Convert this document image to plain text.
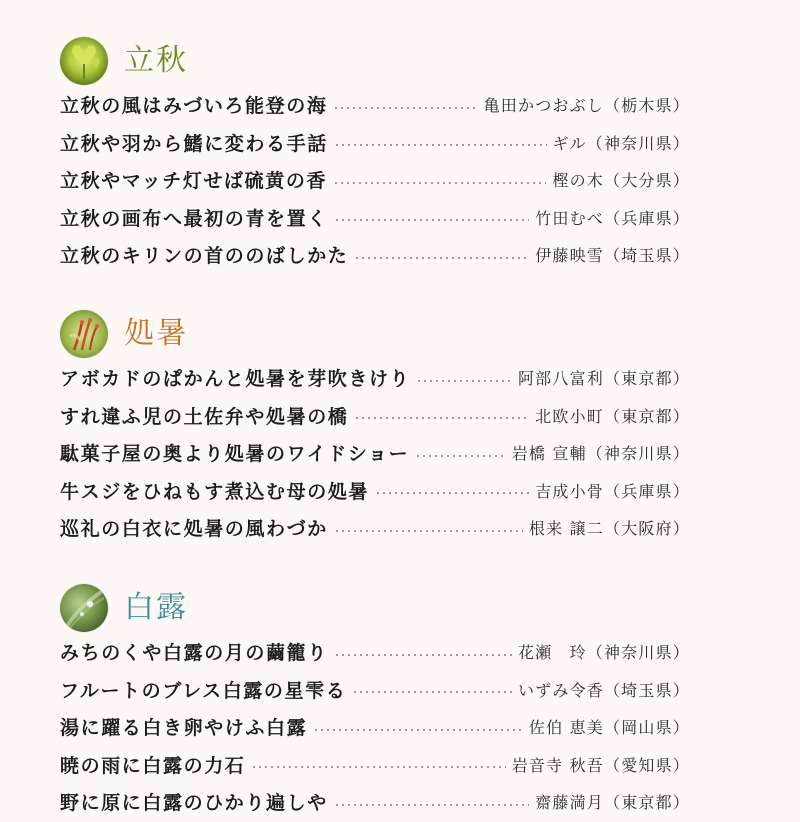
立秋
立秋の風はみづいろ能登の海	亀田かつおぶし（栃木県）
立秋や羽から鰭に変わる手話	ギル（神奈川県）
立秋やマッチ灯せば硫黄の香	樫の木（大分県）
立秋の画布へ最初の青を置く	竹田むべ（兵庫県）
立秋のキリンの首ののばしかた	伊藤映雪（埼玉県）
処暑
アボカドのぱかんと処暑を芽吹きけり	阿部八富利（東京都）
すれ違ふ児の土佐弁や処暑の橋	北欧小町（東京都）
駄菓子屋の奥より処暑のワイドショー	岩橋 宣輔（神奈川県）
牛スジをひねもす煮込む母の処暑	吉成小骨（兵庫県）
巡礼の白衣に処暑の風わづか	根来 譲二（大阪府）
白露
みちのくや白露の月の繭籠り	花瀬　玲（神奈川県）
フルートのブレス白露の星雫る	いずみ令香（埼玉県）
湯に躍る白き卵やけふ白露	佐伯 恵美（岡山県）
暁の雨に白露の力石	岩音寺 秋吾（愛知県）
野に原に白露のひかり遍しや	齋藤満月（東京都）
